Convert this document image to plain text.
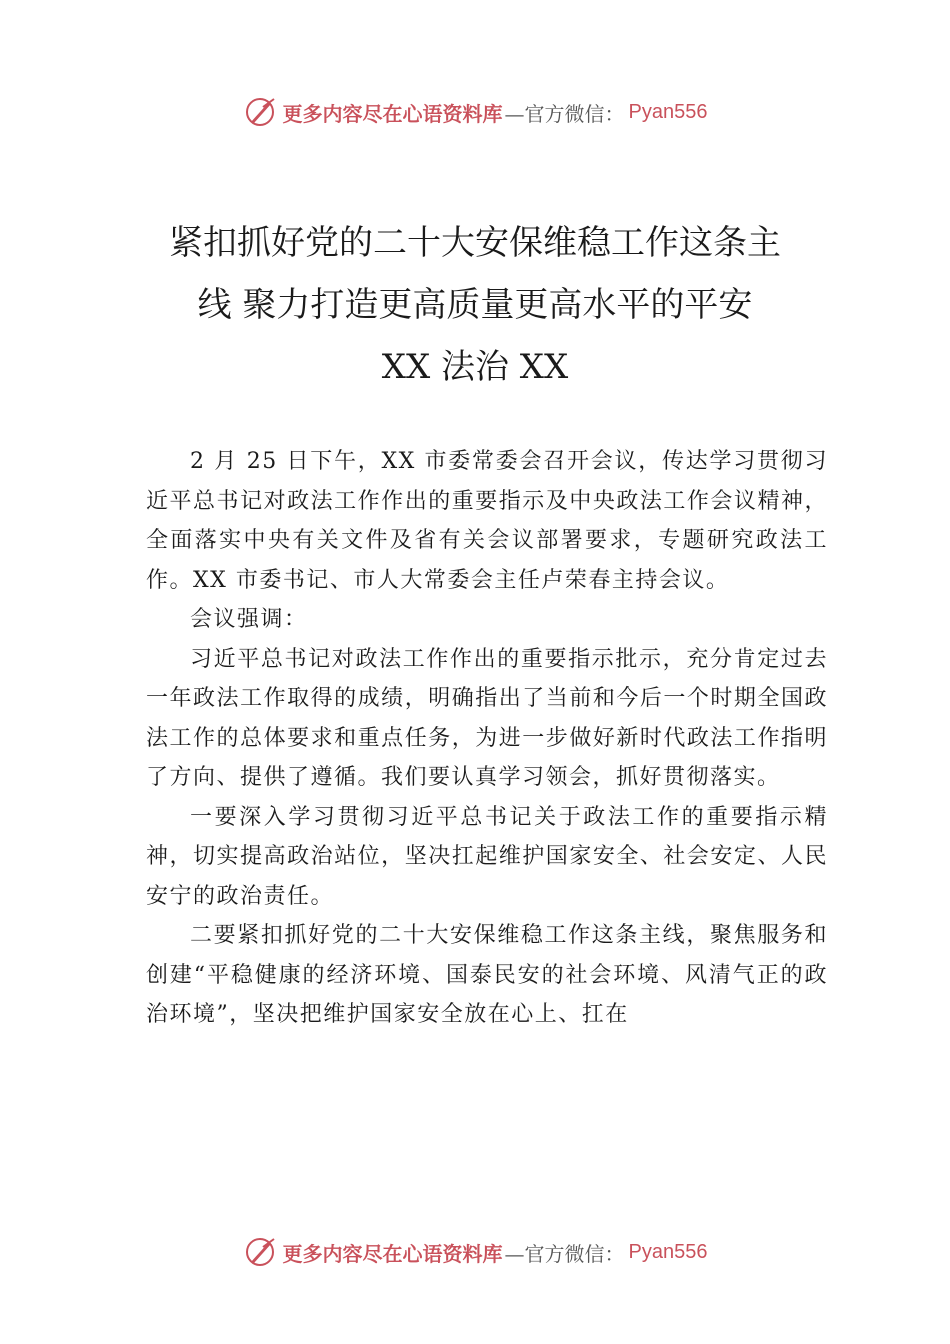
更多内容尽在心语资料库 —官方微信： Pyan556
紧扣抓好党的二十大安保维稳工作这条主
线 聚力打造更高质量更高水平的平安
XX 法治 XX

2 月 25 日下午，XX 市委常委会召开会议，传达学习贯彻习近平总书记对政法工作作出的重要指示及中央政法工作会议精神，全面落实中央有关文件及省有关会议部署要求，专题研究政法工作。XX 市委书记、市人大常委会主任卢荣春主持会议。

会议强调：

习近平总书记对政法工作作出的重要指示批示，充分肯定过去一年政法工作取得的成绩，明确指出了当前和今后一个时期全国政法工作的总体要求和重点任务，为进一步做好新时代政法工作指明了方向、提供了遵循。我们要认真学习领会，抓好贯彻落实。

一要深入学习贯彻习近平总书记关于政法工作的重要指示精神，切实提高政治站位，坚决扛起维护国家安全、社会安定、人民安宁的政治责任。

二要紧扣抓好党的二十大安保维稳工作这条主线，聚焦服务和创建“平稳健康的经济环境、国泰民安的社会环境、风清气正的政治环境”，坚决把维护国家安全放在心上、扛在

更多内容尽在心语资料库 —官方微信： Pyan556
